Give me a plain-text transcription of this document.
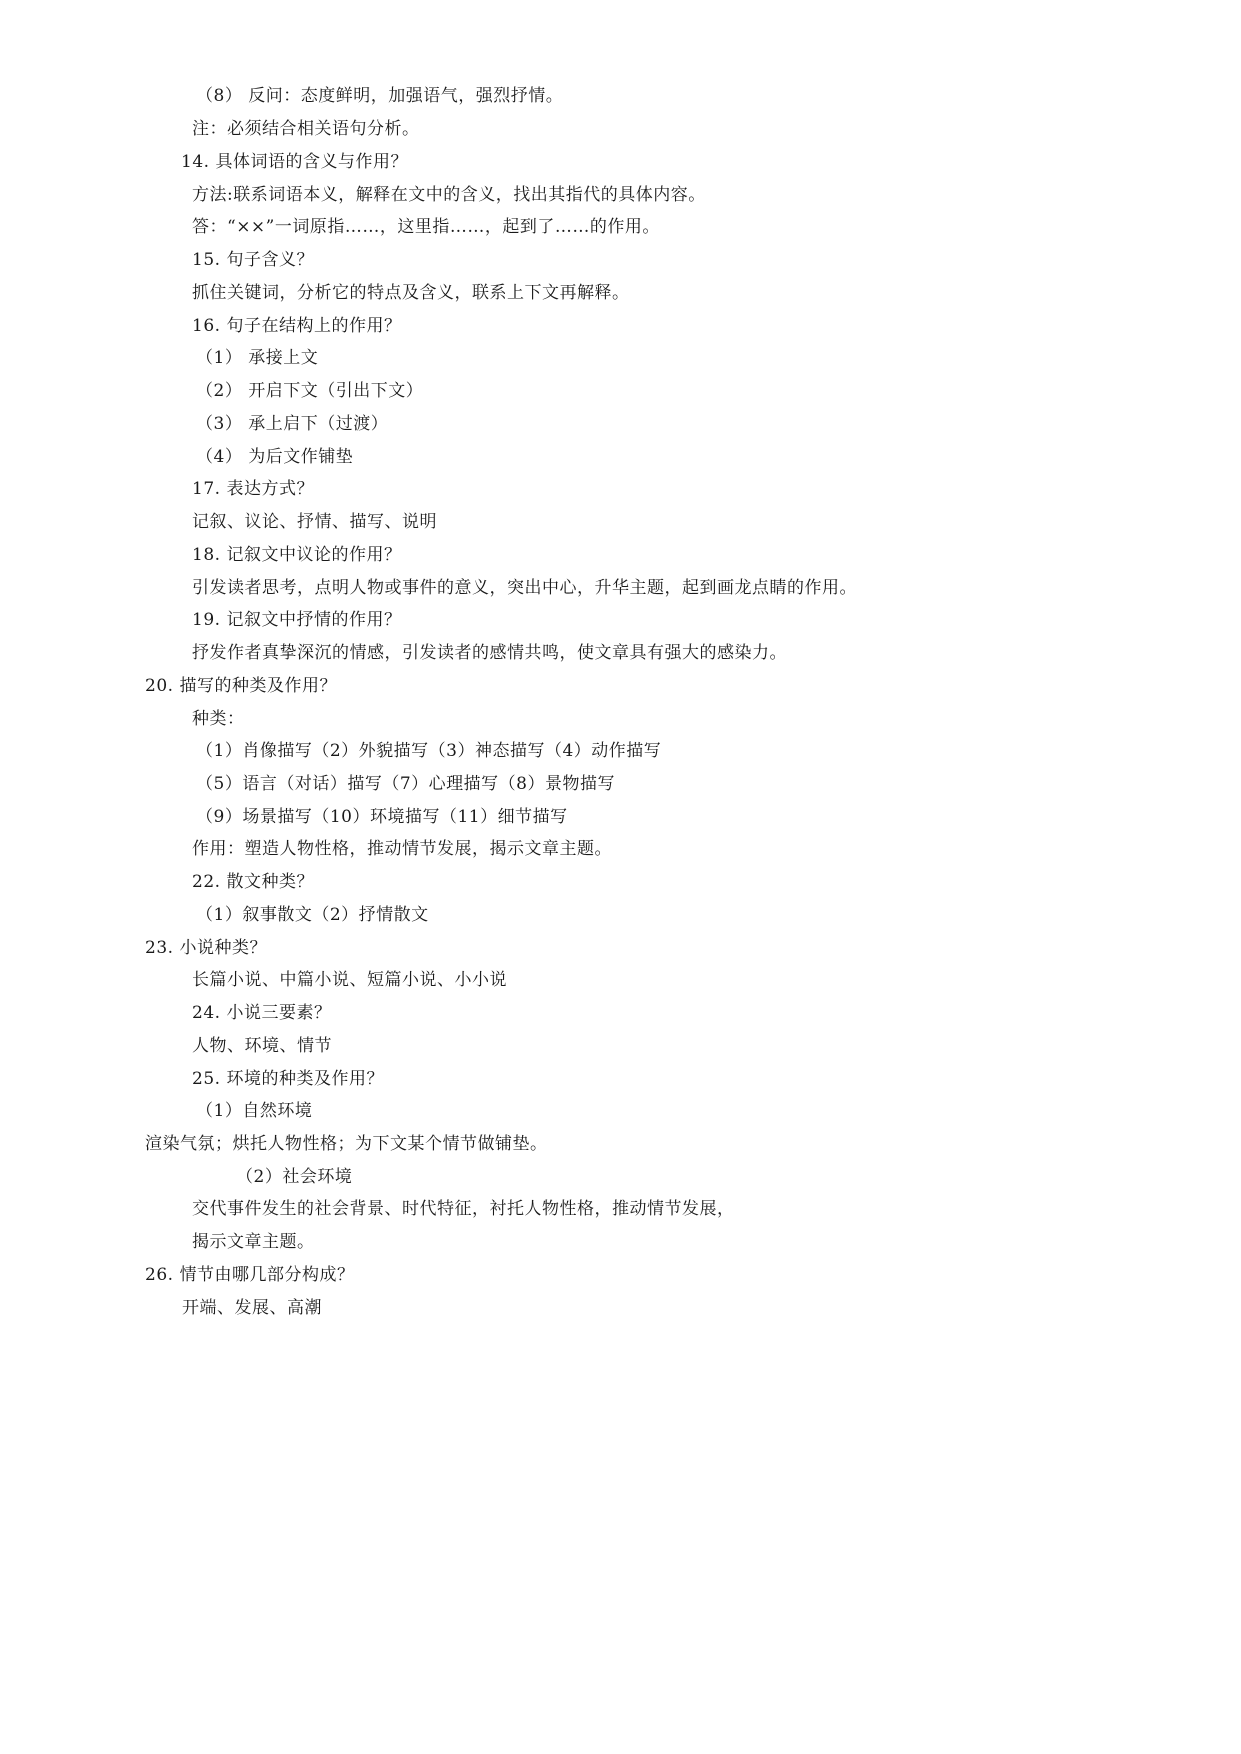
（8） 反问：态度鲜明，加强语气，强烈抒情。
注：必须结合相关语句分析。
14. 具体词语的含义与作用？
方法:联系词语本义，解释在文中的含义，找出其指代的具体内容。
答：“××”一词原指……，这里指……，起到了……的作用。
15. 句子含义？
抓住关键词，分析它的特点及含义，联系上下文再解释。
16. 句子在结构上的作用？
（1） 承接上文
（2） 开启下文（引出下文）
（3） 承上启下（过渡）
（4） 为后文作铺垫
17. 表达方式？
记叙、议论、抒情、描写、说明
18. 记叙文中议论的作用？
引发读者思考，点明人物或事件的意义，突出中心，升华主题，起到画龙点睛的作用。
19. 记叙文中抒情的作用？
抒发作者真挚深沉的情感，引发读者的感情共鸣，使文章具有强大的感染力。
20. 描写的种类及作用？
种类：
（1）肖像描写（2）外貌描写（3）神态描写（4）动作描写
（5）语言（对话）描写（7）心理描写（8）景物描写
（9）场景描写（10）环境描写（11）细节描写
作用：塑造人物性格，推动情节发展，揭示文章主题。
22. 散文种类？
（1）叙事散文（2）抒情散文
23. 小说种类？
长篇小说、中篇小说、短篇小说、小小说
24. 小说三要素？
人物、环境、情节
25. 环境的种类及作用？
（1）自然环境
渲染气氛；烘托人物性格；为下文某个情节做铺垫。
（2）社会环境
交代事件发生的社会背景、时代特征，衬托人物性格，推动情节发展，
揭示文章主题。
26. 情节由哪几部分构成？
开端、发展、高潮
